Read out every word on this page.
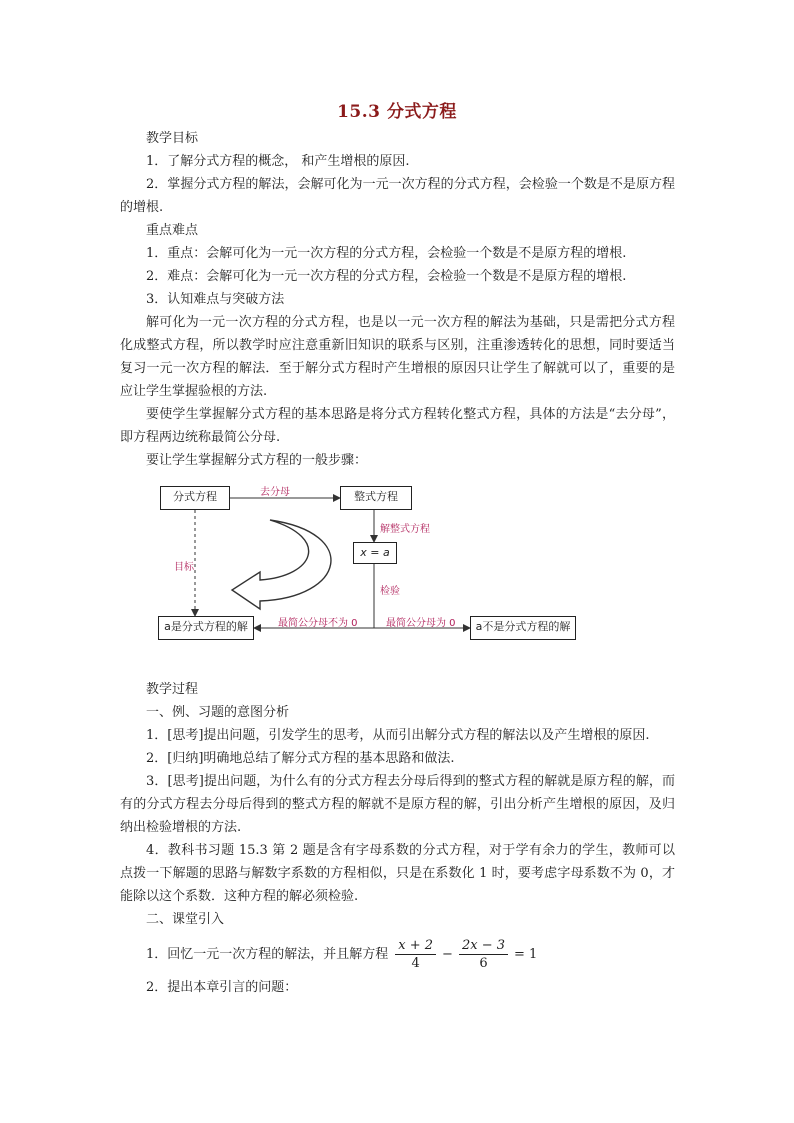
15.3 分式方程

教学目标

1．了解分式方程的概念， 和产生增根的原因.

2．掌握分式方程的解法，会解可化为一元一次方程的分式方程，会检验一个数是不是原方程的增根.

重点难点

1．重点：会解可化为一元一次方程的分式方程，会检验一个数是不是原方程的增根.

2．难点：会解可化为一元一次方程的分式方程，会检验一个数是不是原方程的增根.

3．认知难点与突破方法

解可化为一元一次方程的分式方程，也是以一元一次方程的解法为基础，只是需把分式方程化成整式方程，所以教学时应注意重新旧知识的联系与区别，注重渗透转化的思想，同时要适当复习一元一次方程的解法．至于解分式方程时产生增根的原因只让学生了解就可以了，重要的是应让学生掌握验根的方法.

要使学生掌握解分式方程的基本思路是将分式方程转化整式方程，具体的方法是“去分母”，即方程两边统称最简公分母.

要让学生掌握解分式方程的一般步骤：

分式方程	整式方程
x = a
a是分式方程的解	a不是分式方程的解
去分母
解整式方程
目标
检验
最简公分母不为 0	最简公分母为 0

教学过程

一、例、习题的意图分析

1．[思考]提出问题，引发学生的思考，从而引出解分式方程的解法以及产生增根的原因.

2．[归纳]明确地总结了解分式方程的基本思路和做法.

3．[思考]提出问题，为什么有的分式方程去分母后得到的整式方程的解就是原方程的解，而有的分式方程去分母后得到的整式方程的解就不是原方程的解，引出分析产生增根的原因，及归纳出检验增根的方法.

4．教科书习题 15.3 第 2 题是含有字母系数的分式方程，对于学有余力的学生，教师可以点拨一下解题的思路与解数字系数的方程相似，只是在系数化 1 时，要考虑字母系数不为 0，才能除以这个系数．这种方程的解必须检验.

二、课堂引入

1．回忆一元一次方程的解法，并且解方程 $\frac{x + 2}{4} - \frac{2x - 3}{6} = 1$

2．提出本章引言的问题：
